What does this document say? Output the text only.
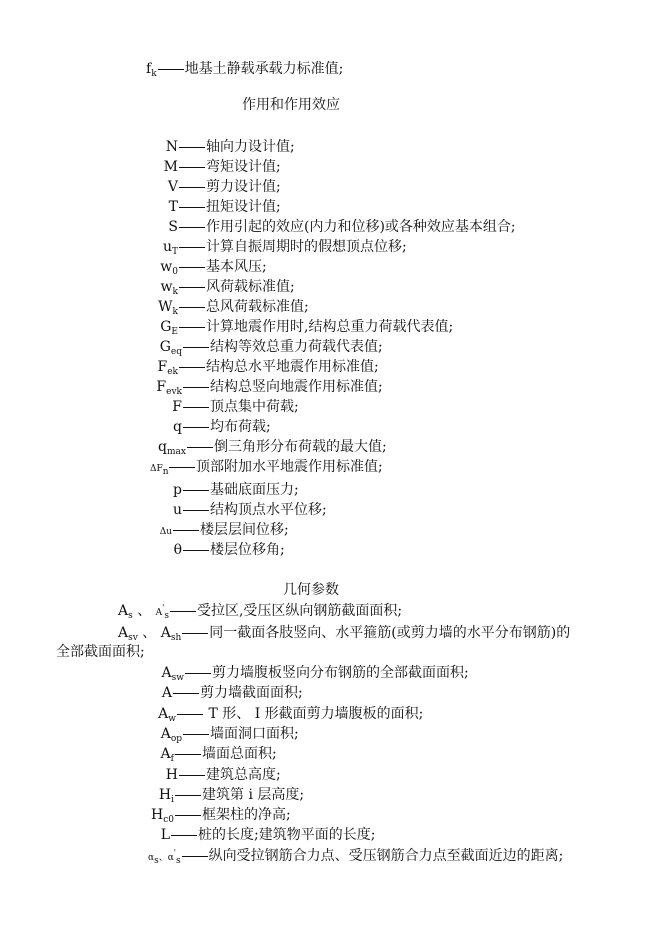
$f_k$ 地基土静载承载力标准值;
作用和作用效应
N 轴向力设计值;
M 弯矩设计值;
V 剪力设计值;
T 扭矩设计值;
S 作用引起的效应(内力和位移)或各种效应基本组合;
$u_T$ 计算自振周期时的假想顶点位移;
$w_0$ 基本风压;
$w_k$ 风荷载标准值;
$W_k$ 总风荷载标准值;
$G_E$ 计算地震作用时,结构总重力荷载代表值;
$G_{eq}$ 结构等效总重力荷载代表值;
$F_{ek}$ 结构总水平地震作用标准值;
$F_{evk}$ 结构总竖向地震作用标准值;
F 顶点集中荷载;
q 均布荷载;
$q_{max}$ 倒三角形分布荷载的最大值;
$\Delta F_n$ 顶部附加水平地震作用标准值;
p 基础底面压力;
u 结构顶点水平位移;
Δu 楼层层间位移;
θ 楼层位移角;
几何参数
$A_s$ 、 $A'_s$ 受拉区,受压区纵向钢筋截面面积;
$A_{sv}$ 、 $A_{sh}$ 同一截面各肢竖向、水平箍筋(或剪力墙的水平分布钢筋)的
全部截面面积;
$A_{sw}$ 剪力墙腹板竖向分布钢筋的全部截面面积;
A 剪力墙截面面积;
$A_w$ T 形、 I 形截面剪力墙腹板的面积;
$A_{op}$ 墙面洞口面积;
$A_f$ 墙面总面积;
H 建筑总高度;
$H_i$ 建筑第 i 层高度;
$H_{c0}$ 框架柱的净高;
L 桩的长度;建筑物平面的长度;
$\alpha_s$、$\alpha'_s$ 纵向受拉钢筋合力点、受压钢筋合力点至截面近边的距离;
